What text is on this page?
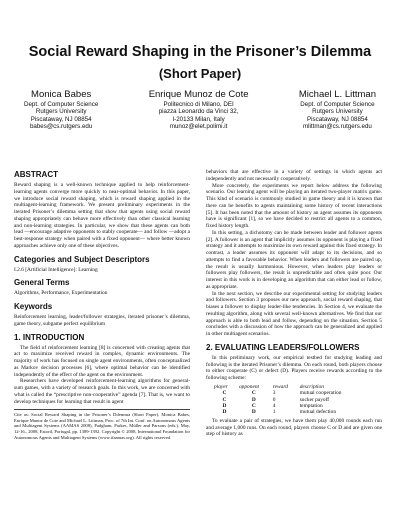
Social Reward Shaping in the Prisoner’s Dilemma
(Short Paper)
Monica Babes
Dept. of Computer Science
Rutgers University
Piscataway, NJ 08854
babes@cs.rutgers.edu
Enrique Munoz de Cote
Politecnico di Milano, DEI
piazza Leonardo da Vinci 32,
I-20133 Milan, Italy
munoz@elet.polimi.it
Michael L. Littman
Dept. of Computer Science
Rutgers University
Piscataway, NJ 08854
mlittman@cs.rutgers.edu
ABSTRACT

Reward shaping is a well-known technique applied to help reinforcement-learning agents converge more quickly to near-optimal behavior. In this paper, we introduce social reward shaping, which is reward shaping applied in the multiagent-learning framework. We present preliminary experiments in the iterated Prisoner’s dilemma setting that show that agents using social reward shaping appropriately can behave more effectively than other classical learning and non-learning strategies. In particular, we show that these agents can both lead —encourage adaptive opponents to stably cooperate— and follow —adopt a best-response strategy when paired with a fixed opponent— where better known approaches achieve only one of these objectives.

Categories and Subject Descriptors

I.2.6 [Artificial Intelligence]: Learning

General Terms

Algorithms, Performance, Experimentation

Keywords

Reinforcement learning, leader/follower strategies, iterated prisoner’s dilemma, game theory, subgame perfect equilibrium

1. INTRODUCTION

The field of reinforcement learning [8] is concerned with creating agents that act to maximize received reward in complex, dynamic environments. The majority of work has focused on single agent environments, often conceptualized as Markov decision processes [6], where optimal behavior can be identified independently of the effect of the agent on the environment.

Researchers have developed reinforcement-learning algorithms for general-sum games, with a variety of research goals. In this work, we are concerned with what is called the “prescriptive non-cooperative” agenda [7]. That is, we want to develop techniques for learning that result in agent

Cite as: Social Reward Shaping in the Prisoner’s Dilemma (Short Paper), Monica Babes, Enrique Munoz de Cote and Michael L. Littman, Proc. of 7th Int. Conf. on Autonomous Agents and Multiagent Systems (AAMAS 2008), Padgham, Parkes, Müller and Parsons (eds.), May, 12-16., 2008, Estoril, Portugal, pp. 1389-1392. Copyright © 2008, International Foundation for Autonomous Agents and Multiagent Systems (www.ifaamas.org). All rights reserved.

behaviors that are effective in a variety of settings in which agents act independently and not necessarily cooperatively.

More concretely, the experiments we report below address the following scenario. Our learning agent will be playing an iterated two-player matrix game. This kind of scenario is commonly studied in game theory and it is known that there can be benefits to agents maintaining some history of recent interactions [5]. It has been noted that the amount of history an agent assumes its opponents have is significant [1], so we have decided to restrict all agents to a common, fixed history length.

In this setting, a dichotomy can be made between leader and follower agents [2]. A follower is an agent that implicitly assumes its opponent is playing a fixed strategy and it attempts to maximize its own reward against this fixed strategy. In contrast, a leader assumes its opponent will adapt to its decisions, and so attempts to find a favorable behavior. When leaders and followers are paired up, the result is usually harmonious. However, when leaders play leaders or followers play followers, the result is unpredictable and often quite poor. Our interest in this work is in developing an algorithm that can either lead or follow, as appropriate.

In the next section, we describe our experimental setting for studying leaders and followers. Section 3 proposes our new approach, social reward shaping, that biases a follower to display leader-like tendencies. In Section 4, we evaluate the resulting algorithm, along with several well-known alternatives. We find that our approach is able to both lead and follow, depending on the situation. Section 5 concludes with a discussion of how the approach can be generalized and applied in other multiagent scenarios.

2. EVALUATING LEADERS/FOLLOWERS

In this preliminary work, our empirical testbed for studying leading and following is the iterated Prisoner’s dilemma. On each round, both players choose to either cooperate (C) or defect (D). Players receive rewards according to the following scheme:

player	opponent	reward	description
C	C	3	mutual cooperation
C	D	0	sucker payoff
D	C	4	temptation
D	D	1	mutual defection

To evaluate a pair of strategies, we have them play 40,000 rounds each run and average 1,000 runs. On each round, players choose C or D and are given one step of history as
